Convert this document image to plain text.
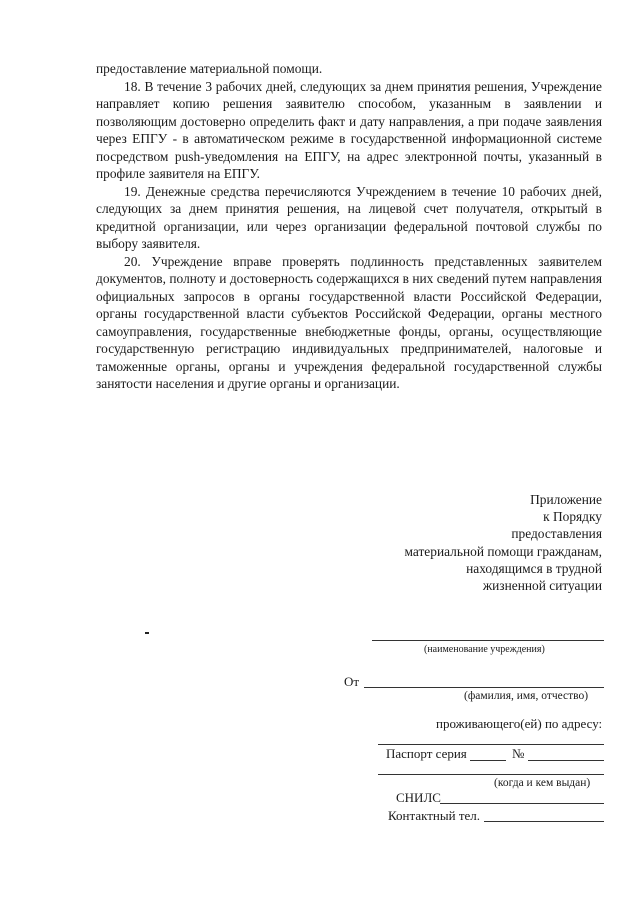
предоставление материальной помощи.

18. В течение 3 рабочих дней, следующих за днем принятия решения, Учреждение направляет копию решения заявителю способом, указанным в заявлении и позволяющим достоверно определить факт и дату направления, а при подаче заявления через ЕПГУ - в автоматическом режиме в государственной информационной системе посредством push-уведомления на ЕПГУ, на адрес электронной почты, указанный в профиле заявителя на ЕПГУ.

19. Денежные средства перечисляются Учреждением в течение 10 рабочих дней, следующих за днем принятия решения, на лицевой счет получателя, открытый в кредитной организации, или через организации федеральной почтовой службы по выбору заявителя.

20. Учреждение вправе проверять подлинность представленных заявителем документов, полноту и достоверность содержащихся в них сведений путем направления официальных запросов в органы государственной власти Российской Федерации, органы государственной власти субъектов Российской Федерации, органы местного самоуправления, государственные внебюджетные фонды, органы, осуществляющие государственную регистрацию индивидуальных предпринимателей, налоговые и таможенные органы, органы и учреждения федеральной государственной службы занятости населения и другие органы и организации.

Приложение
к Порядку
предоставления
материальной помощи гражданам,
находящимся в трудной
жизненной ситуации
(наименование учреждения)
От
(фамилия, имя, отчество)
проживающего(ей) по адресу:
Паспорт серия	№
(когда и кем выдан)
СНИЛС
Контактный тел.
